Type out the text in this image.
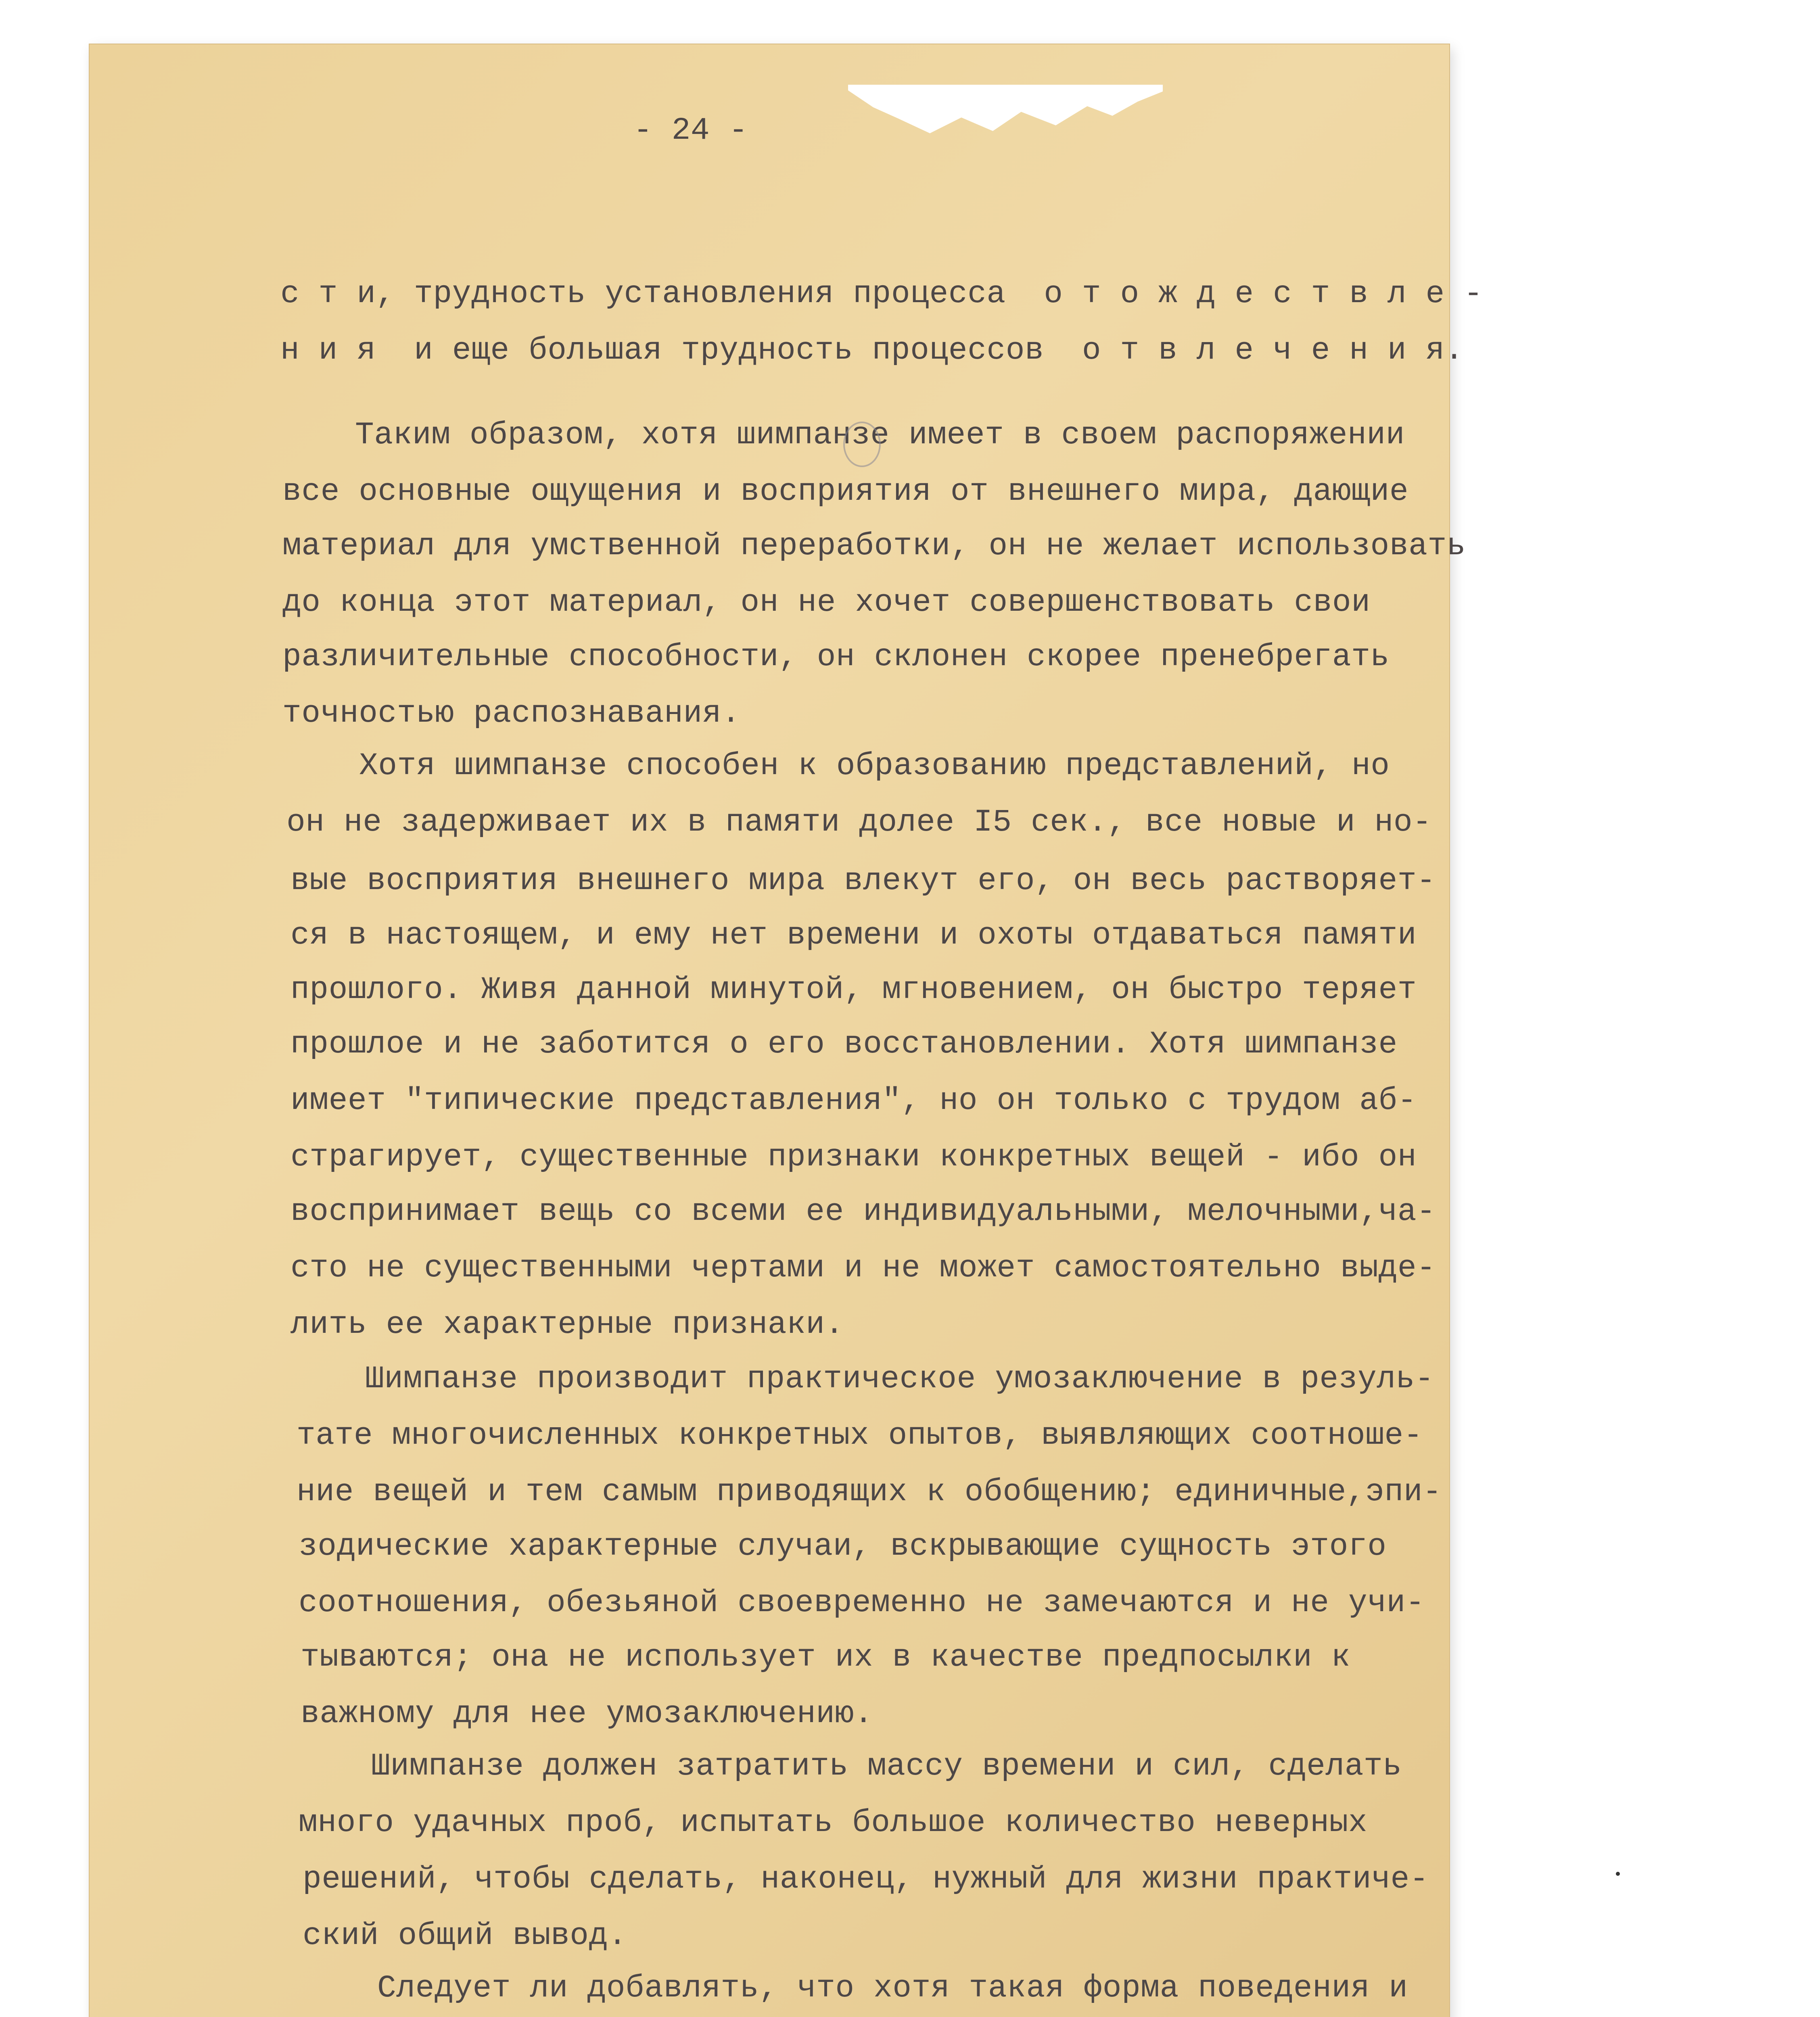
- 24 -

с т и, трудность установления процесса  о т о ж д е с т в л е -

н и я  и еще большая трудность процессов  о т в л е ч е н и я.

Таким образом, хотя шимпанзе имеет в своем распоряжении

все основные ощущения и восприятия от внешнего мира, дающие

материал для умственной переработки, он не желает использовать

до конца этот материал, он не хочет совершенствовать свои

различительные способности, он склонен скорее пренебрегать

точностью распознавания.

Хотя шимпанзе способен к образованию представлений, но

он не задерживает их в памяти долее I5 сек., все новые и но-

вые восприятия внешнего мира влекут его, он весь растворяет-

ся в настоящем, и ему нет времени и охоты отдаваться памяти

прошлого. Живя данной минутой, мгновением, он быстро теряет

прошлое и не заботится о его восстановлении. Хотя шимпанзе

имеет "типические представления", но он только с трудом аб-

страгирует, существенные признаки конкретных вещей - ибо он

воспринимает вещь со всеми ее индивидуальными, мелочными,ча-

сто не существенными чертами и не может самостоятельно выде-

лить ее характерные признаки.

Шимпанзе производит практическое умозаключение в резуль-

тате многочисленных конкретных опытов, выявляющих соотноше-

ние вещей и тем самым приводящих к обобщению; единичные,эпи-

зодические характерные случаи, вскрывающие сущность этого

соотношения, обезьяной своевременно не замечаются и не учи-

тываются; она не использует их в качестве предпосылки к

важному для нее умозаключению.

Шимпанзе должен затратить массу времени и сил, сделать

много удачных проб, испытать большое количество неверных

решений, чтобы сделать, наконец, нужный для жизни практиче-

ский общий вывод.

Следует ли добавлять, что хотя такая форма поведения и
